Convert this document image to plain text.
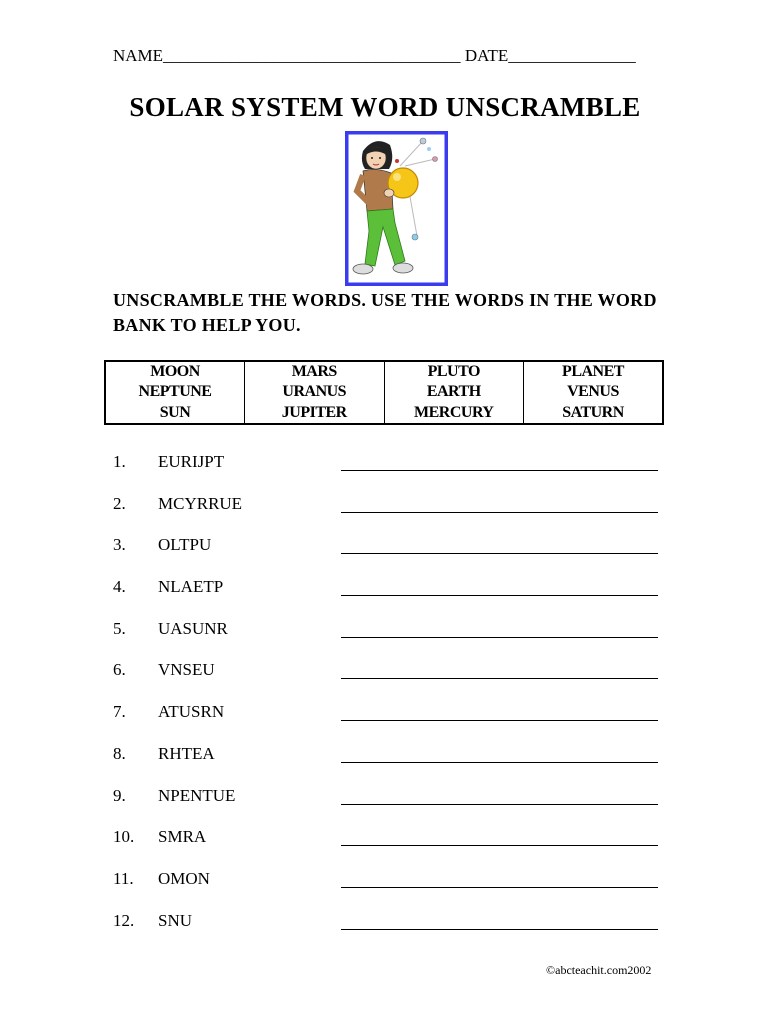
NAME___________________________________ DATE_______________
SOLAR SYSTEM WORD UNSCRAMBLE
UNSCRAMBLE THE WORDS. USE THE WORDS IN THE WORD BANK TO HELP YOU.
MOON	MARS	PLUTO	PLANET
NEPTUNE	URANUS	EARTH	VENUS
SUN	JUPITER	MERCURY	SATURN
1. EURIJPT
2. MCYRRUE
3. OLTPU
4. NLAETP
5. UASUNR
6. VNSEU
7. ATUSRN
8. RHTEA
9. NPENTUE
10. SMRA
11. OMON
12. SNU
©abcteachit.com2002
